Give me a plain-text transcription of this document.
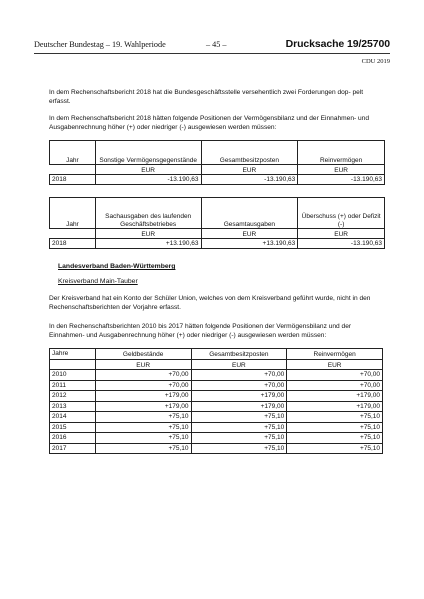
Deutscher Bundestag – 19. Wahlperiode	– 45 –	Drucksache 19/25700
CDU 2019
In dem Rechenschaftsbericht 2018 hat die Bundesgeschäftsstelle versehentlich zwei Forderungen dop- pelt erfasst.
In dem Rechenschaftsbericht 2018 hätten folgende Positionen der Vermögensbilanz und der Einnahmen- und Ausgabenrechnung höher (+) oder niedriger (-) ausgewiesen werden müssen:
Jahr	Sonstige Vermögensgegenstände	Gesamtbesitzposten	Reinvermögen
	EUR	EUR	EUR
2018	-13.190,63	-13.190,63	-13.190,63
Jahr	Sachausgaben des laufenden Geschäftsbetriebes	Gesamtausgaben	Überschuss (+) oder Defizit (-)
	EUR	EUR	EUR
2018	+13.190,63	+13.190,63	-13.190,63
Landesverband Baden-Württemberg
Kreisverband Main-Tauber
Der Kreisverband hat ein Konto der Schüler Union, welches von dem Kreisverband geführt wurde, nicht in den Rechenschaftsberichten der Vorjahre erfasst.
In den Rechenschaftsberichten 2010 bis 2017 hätten folgende Positionen der Vermögensbilanz und der Einnahmen- und Ausgabenrechnung höher (+) oder niedriger (-) ausgewiesen werden müssen:
Jahre	Geldbestände	Gesamtbesitzposten	Reinvermögen
	EUR	EUR	EUR
2010	+70,00	+70,00	+70,00
2011	+70,00	+70,00	+70,00
2012	+179,00	+179,00	+179,00
2013	+179,00	+179,00	+179,00
2014	+75,10	+75,10	+75,10
2015	+75,10	+75,10	+75,10
2016	+75,10	+75,10	+75,10
2017	+75,10	+75,10	+75,10
